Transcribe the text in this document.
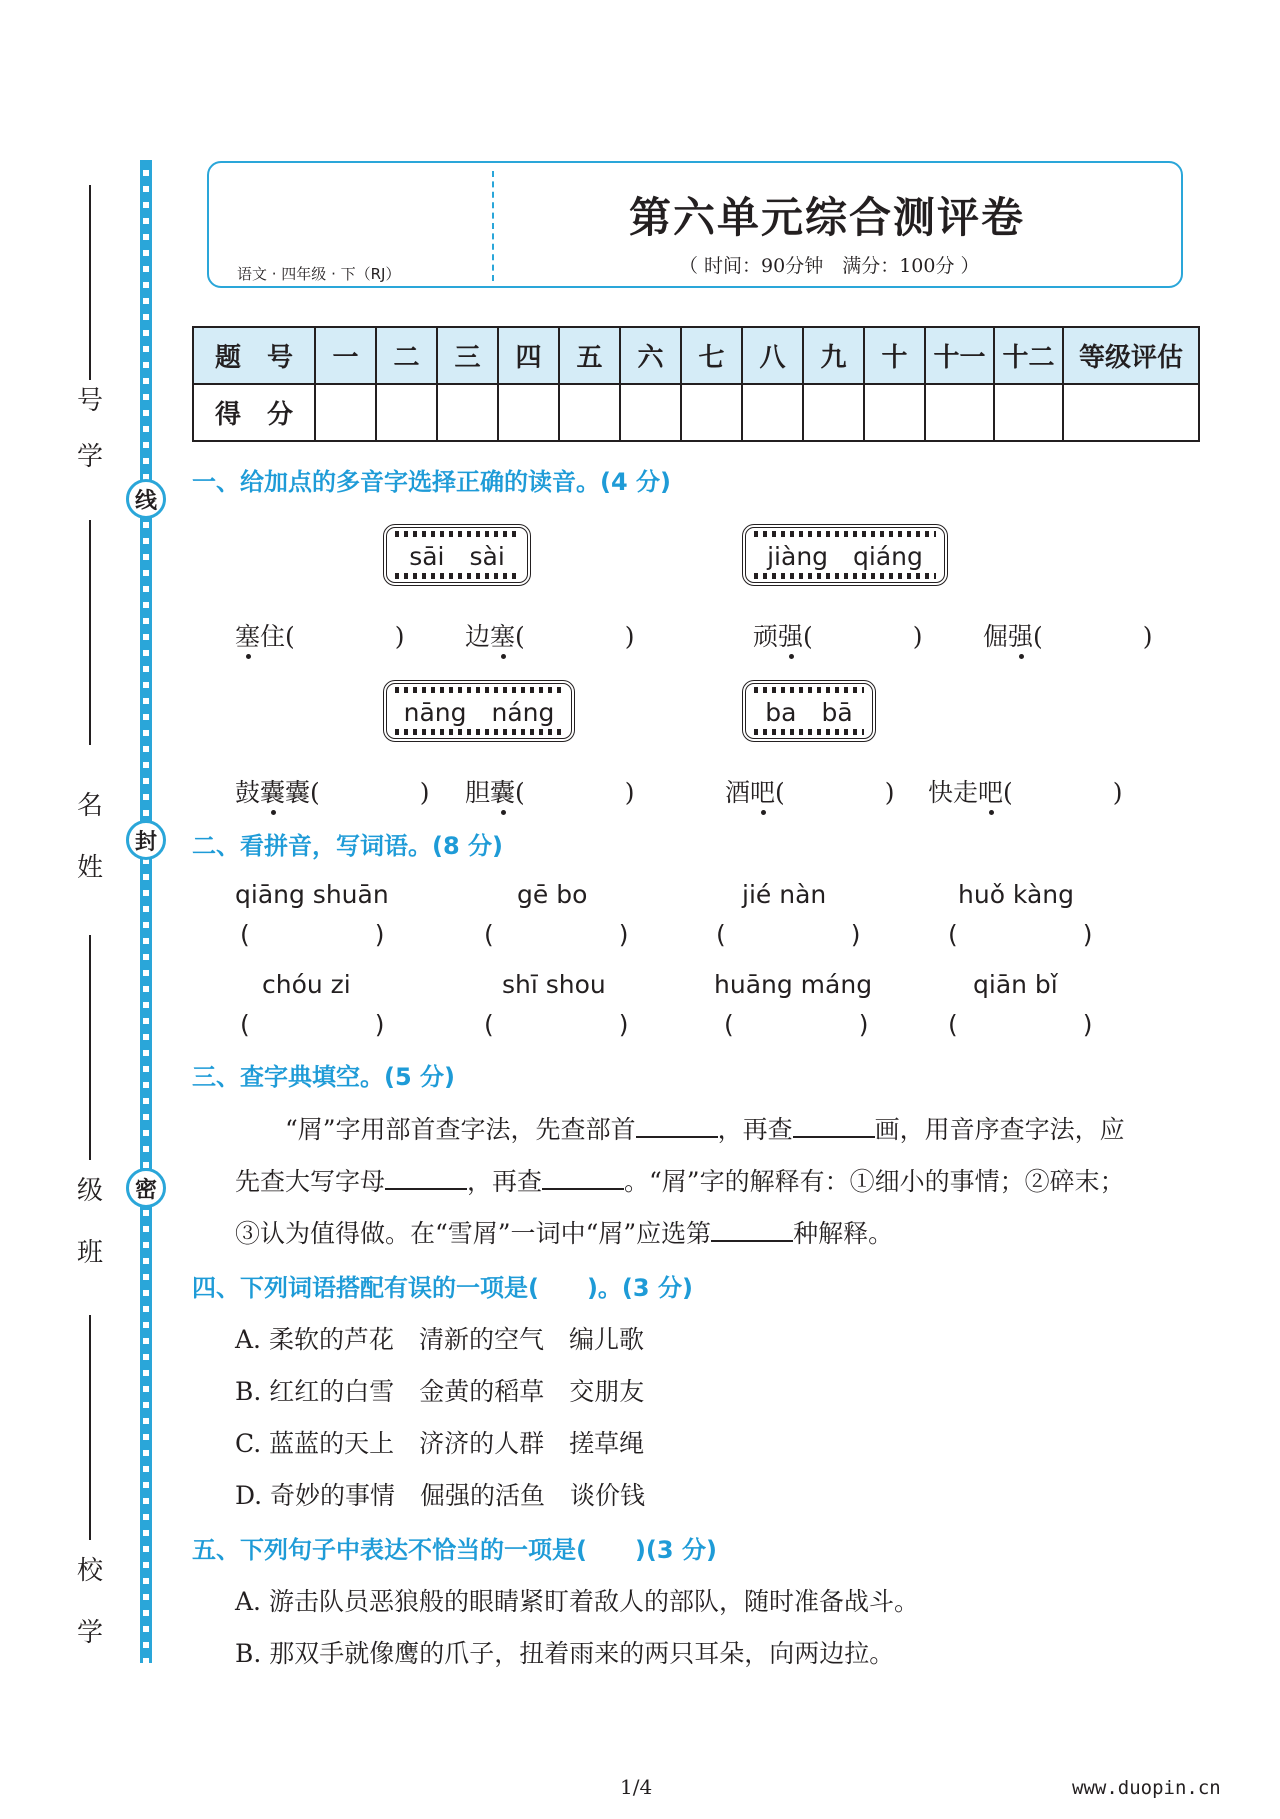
线
封
密
号
学
名
姓
级
班
校
学
语文 · 四年级 · 下（RJ）
第六单元综合测评卷
（ 时间：90分钟　满分：100分 ）
题　号	一	二	三	四	五	六	七	八	九	十	十一	十二	等级评估
得　分													
一、给加点的多音字选择正确的读音。(4 分)
sāi　sài	jiàng　qiáng
nāng　náng	ba　bā
塞住(　　　　) 边塞(　　　　)	顽强(　　　　) 倔强(　　　　)
鼓囊囊(　　　　) 胆囊(　　　　)	酒吧(　　　　) 快走吧(　　　　)
二、看拼音，写词语。(8 分)
qiāng shuān	gē bo	jié nàn	huǒ kàng
(　　　　　)	(　　　　　)	(　　　　　)	(　　　　　)
chóu zi	shī shou	huāng máng	qiān bǐ
(　　　　　)	(　　　　　)	(　　　　　)	(　　　　　)
三、查字典填空。(5 分)
“屑”字用部首查字法，先查部首	，再查	画，用音序查字法，应
先查大写字母	，再查	。“屑”字的解释有：①细小的事情；②碎末；
③认为值得做。在“雪屑”一词中“屑”应选第	种解释。
四、下列词语搭配有误的一项是(　　)。(3 分)
A. 柔软的芦花　清新的空气　编儿歌
B. 红红的白雪　金黄的稻草　交朋友
C. 蓝蓝的天上　济济的人群　搓草绳
D. 奇妙的事情　倔强的活鱼　谈价钱
五、下列句子中表达不恰当的一项是(　　)(3 分)
A. 游击队员恶狼般的眼睛紧盯着敌人的部队，随时准备战斗。
B. 那双手就像鹰的爪子，扭着雨来的两只耳朵，向两边拉。
1/4	www.duopin.cn
